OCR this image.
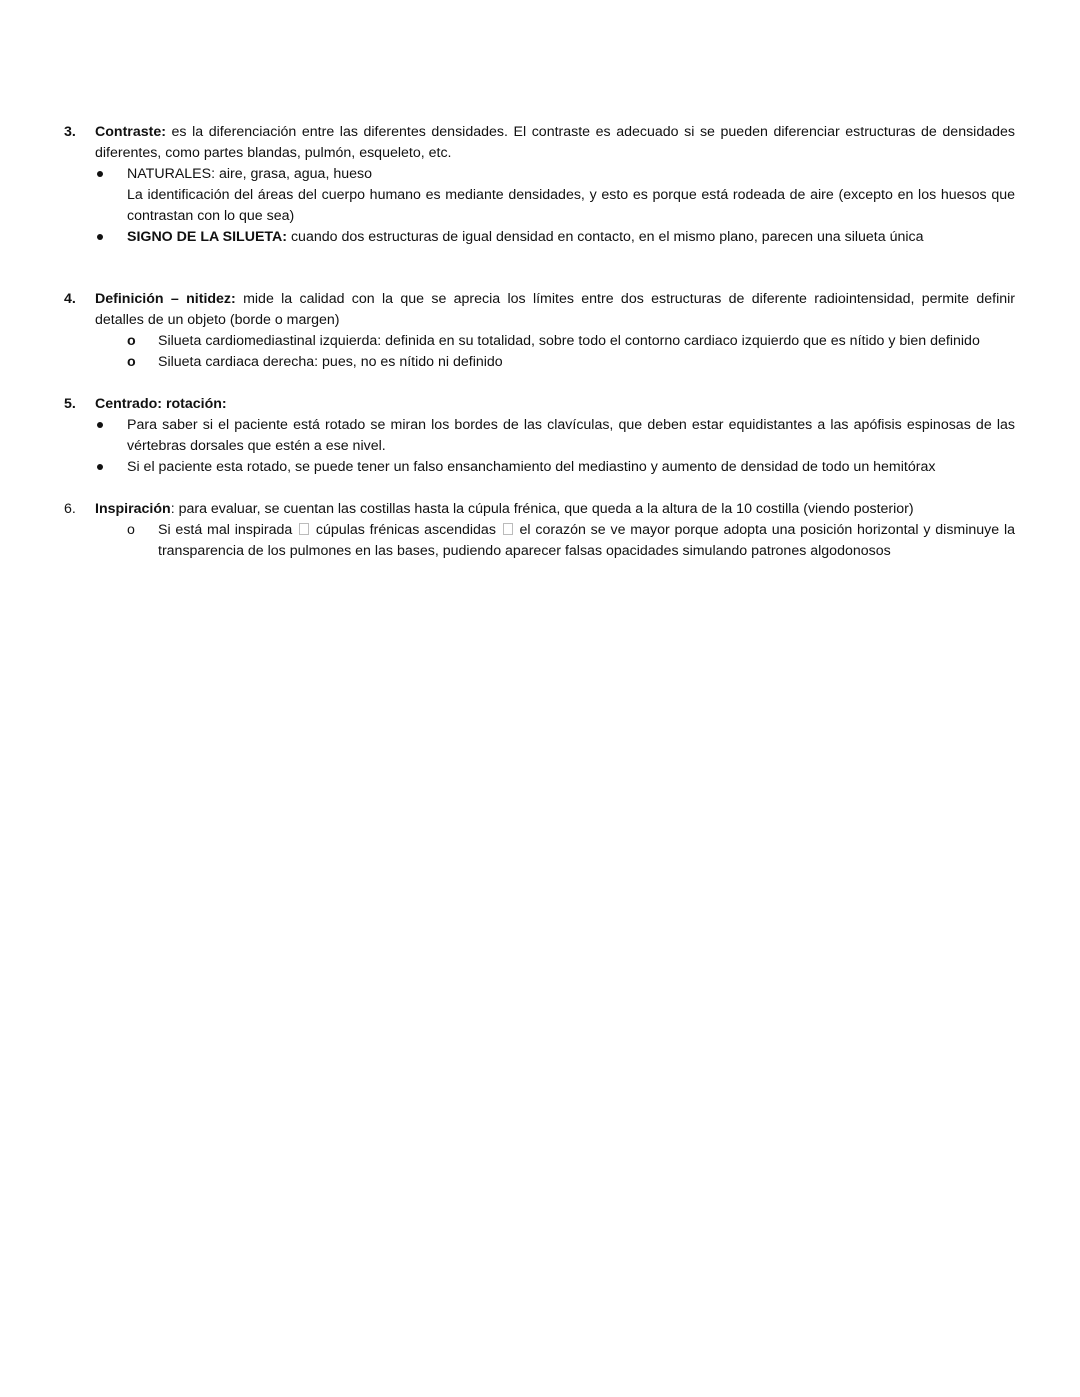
3. Contraste: es la diferenciación entre las diferentes densidades. El contraste es adecuado si se pueden diferenciar estructuras de densidades
diferentes, como partes blandas, pulmón, esqueleto, etc.
NATURALES: aire, grasa, agua, hueso
La identificación del áreas del cuerpo humano es mediante densidades, y esto es porque está rodeada de aire (excepto en los huesos que
contrastan con lo que sea)
SIGNO DE LA SILUETA: cuando dos estructuras de igual densidad en contacto, en el mismo plano, parecen una silueta única
4. Definición – nitidez: mide la calidad con la que se aprecia los límites entre dos estructuras de diferente radiointensidad, permite definir
detalles de un objeto (borde o margen)
o Silueta cardiomediastinal izquierda: definida en su totalidad, sobre todo el contorno cardiaco izquierdo que es nítido y bien definido
o Silueta cardiaca derecha: pues, no es nítido ni definido
5. Centrado: rotación:
Para saber si el paciente está rotado se miran los bordes de las clavículas, que deben estar equidistantes a las apófisis espinosas de las
vértebras dorsales que estén a ese nivel.
Si el paciente esta rotado, se puede tener un falso ensanchamiento del mediastino y aumento de densidad de todo un hemitórax
6. Inspiración: para evaluar, se cuentan las costillas hasta la cúpula frénica, que queda a la altura de la 10 costilla (viendo posterior)
o Si está mal inspirada  cúpulas frénicas ascendidas  el corazón se ve mayor porque adopta una posición horizontal y disminuye la
transparencia de los pulmones en las bases, pudiendo aparecer falsas opacidades simulando patrones algodonosos
